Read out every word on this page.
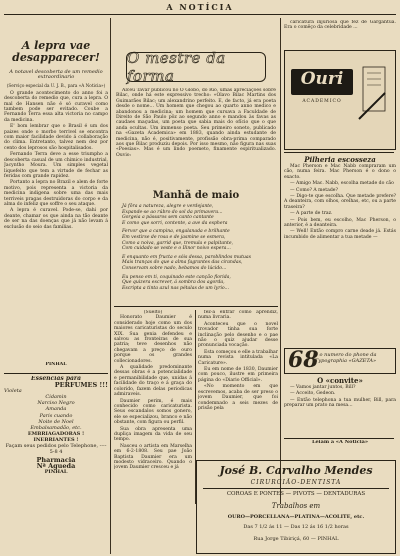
A NOTÍCIA
A lepra vae
desapparecer!
A notavel descoberta de um remedio extraordinario
(Serviço especial da U. J. B., para «A Noticia»)

O grande acontecimento do anno foi a descoberta do remedio que, cura a lepra. O mal de Hansen não é só curavel como tambem pode ser evitado. Coube a Fernando Terra essa alta victoria no campo da medicina.

E' bom lembrar que o Brasil é um dos paizes onde o morbo terrivel se encontra com maior facilidade devido á collaboração do clima. Entretanto, talvez nem dez por cento dos leprosos são hospitalisados.

Fernando Terra deve a esse triumpho a descoberta casual de um chimico industrial, Jacyntho Moura. Um simples vegetal liquefeito que tem a virtude de fechar as feridas com grande rapidez.

Portanto a lepra no Brazil e alem de forte motivo, pois representa a victoria da medicina indigena sobre uma das mais terriveis pragas destruidoras do corpo e da alma do infeliz que soffre o seu ataque.

A lepra é curavel. Pode-se, dahi por deante, chamar os que ainda na tão deante de ser na das doenças que já não levam á exclusão do seio das familias.

PINHAL
Essencias para
PERFUMES !!!
Violeta
Cidamin
Narciso Negro
Amanda
Paris cuando
Noite de Noel
Embalsamadão, etc.
EMBRIAGADORAS !
INEBRIANTES !
Façam seus pedidos pelo Telephone, ---- 5-8 4
Pharmacia
Nª Agueda
PINHAL
O mestre da forma

Alceu Tavar publicou no O Globo, do Rio, umas apreciações sobre Bilac, onde há este expressivo trecho: «Olavo Bilac Martins dos Guimarães Bilac; um alexandrino perfeito. E, de facto, já era poeta desde o nome... Um homem que chegou ao quarto anno medico e abandonou a medicina; um homem que cursava a Faculdade de Direito de São Paulo pôz ao segundo anno e mandou às favas as caudaes maçudas, um poeta que sabia mais do ofício que o que anda ocultas. Um immenso poeta. Seu primeiro soneto, publicado na «Gazeta Academica» em 1883, quando ainda estudante de medicina, não é, positivamente, profissão obra-prima comparado aos que Bilac produziu depois. Por isso mesmo, não figura nas suas «Poesias». Mas é um lindo poemeto, finamente espiritualizado. Ouvio:

Manhã de maio
Já fôra a natureza, alegre e verdejante,
Expande-se ao rúbro do sol da primavera...
Gorgeia a pássaros sem canto cantante
E como que sorri, contente, a ave da esphera
Fervor que a campina, engalanada e brilhante
Em vestirse de rosa e de jasmine se esmera,
Como a noiva, garrid que, tremula e palpitante,
Com cuidado se veste e o Ilinor noivo espera...
E enquanto em fructa e sóis dessa, paroblindos mutuas
Mais tranças do que a alma fagrantes das cirandas,
Conservam sobre nado, bebamos do lúcido...
Eu penso em ti, coquinado este canção florida,
Que quizera escrever, á sombra dos agorda,
Escripta a tinta azul nas pétalas de um lyrio...
(Suelto)

Honorato Daumier é considerado hoje como um dos maiores caricaturistas do seculo XIX. Sua genia defendeu e salvou as fronteiras de sua patria; teve desenhos não chegavam a preço de ouro porque os grandes collecionadores.

A qualidade predominante dessas obras é a potencialidade e permanibilidade que, unidas á facilidade do traço e á graça do colorido, fazem delas periodicas admiraveis.

Daumier perim, é mais conhecido como caricaturista. Seus escandalos somos gonero, ele se especializou, branco e não obstante, com figura ou perfil.

Sua obra apresenta uma dupliça imagem da vida de seu tempo.

Nasceu o artista em Marselha em 6-2-1808. Seu pae João Baptista Daumier era um modesto vidraceiro. Quando o jovem Daumier cresceu e já

fez-a entrar como aprendiz, numa livraria.

Aconteceu que o novel trovador tinha sua forte inclinação pelo desenho e o pae não o quiz ajudar desse pronunciada vocação.

Esta começou e elle a trabalhar numa revista intitulada «La Caricature».

Eu em nome de 1830, Daumier com pouco, ilustre em primeira página do «Diario Official».

«No momento em que escrevemos, acaba de ser preso o jovem Daumier, que foi condemnado a seis mezes de prisão pela

caricatura injuriosa que fez de Gargantua. Era o comêço da celebridade ...

Ouri
ACADEMICO
Pilheria escosseza

Mac Pherson e Mac Nabb compraram um cão, numa feira. Mac Pherson é o dono o exacto.

— Amigo Mac. Nabb, escolha metade do cão

— Como? A metade?

— Digo-te que escolha. Que metade prefere? A deanteira, com olhos, orelhas, etc, ou a parte traseira?

— A parte de traz.

— Pois bem, eu escolho, Mac Pherson, o anterior, é a deanteira.

— Well! Então compro carne deade já. Estás incumbido de alimentar a tua metade —

68
é o numero do phone da Typographia «GAZETA»
O «convite»

— Vamos jantar juntos, Bill?

— Acceito, Gedeon.

— Então telephona a tua mulher, Bill, para preparar um prato na mesa...

Leiam a «A Noticia»
José B. Carvalho Mendes
CIRURGIÃO-DENTISTA
COROAS E PONTES — PIVOTS — DENTADURAS
Trabalhos em
OURO—PORCELLANA—PLATINA—ACOLITE, etc.
Das 7 1/2 ás 11 — Das 12 ás 16 1/2 horas
Rua Jorge Tibiriçá, 60 — PINHAL
